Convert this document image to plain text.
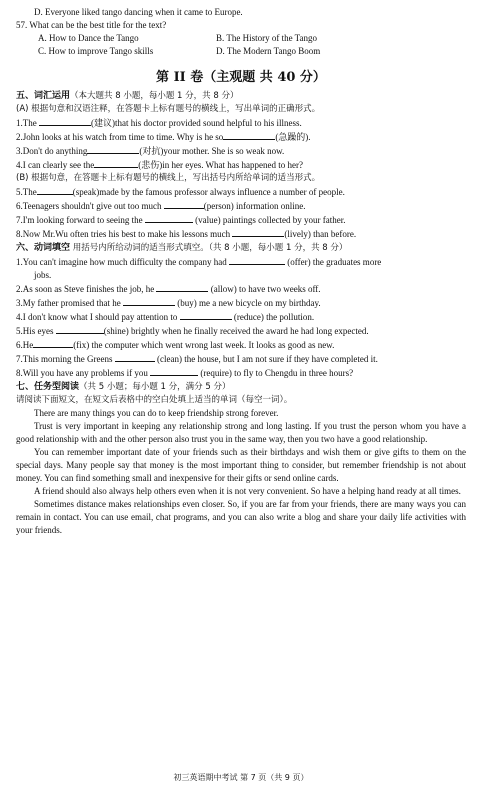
D. Everyone liked tango dancing when it came to Europe.
57. What can be the best title for the text?
A. How to Dance the Tango	B. The History of the Tango
C. How to improve Tango skills	D. The Modern Tango Boom
第 II 卷（主观题 共 40 分）
五、词汇运用（本大题共 8 小题，每小题 1 分，共 8 分）
(A) 根据句意和汉语注释，在答题卡上标有题号的横线上，写出单词的正确形式。
1.The	(建议)that his doctor provided sound helpful to his illness.
2.John looks at his watch from time to time. Why is he so	(急躁的).
3.Don't do anything	(对抗)your mother. She is so weak now.
4.I can clearly see the	(悲伤)in her eyes. What has happened to her?
(B) 根据句意，在答题卡上标有题号的横线上，写出括号内所给单词的适当形式。
5.The	(speak)made by the famous professor always influence a number of people.
6.Teenagers shouldn't give out too much	(person) information online.
7.I'm looking forward to seeing the	(value) paintings collected by your father.
8.Now Mr.Wu often tries his best to make his lessons much	(lively) than before.
六、动词填空 用括号内所给动词的适当形式填空。（共 8 小题，每小题 1 分，共 8 分）
1.You can't imagine how much difficulty the company had	(offer) the graduates more
jobs.
2.As soon as Steve finishes the job, he	(allow) to have two weeks off.
3.My father promised that he	(buy) me a new bicycle on my birthday.
4.I don't know what I should pay attention to	(reduce) the pollution.
5.His eyes	(shine) brightly when he finally received the award he had long expected.
6.He	(fix) the computer which went wrong last week. It looks as good as new.
7.This morning the Greens	(clean) the house, but I am not sure if they have completed it.
8.Will you have any problems if you	(require) to fly to Chengdu in three hours?
七、任务型阅读（共 5 小题；每小题 1 分，满分 5 分）
请阅读下面短文，在短文后表格中的空白处填上适当的单词（每空一词）。
There are many things you can do to keep friendship strong forever.
Trust is very important in keeping any relationship strong and long lasting. If you trust the person whom you have a good relationship with and the other person also trust you in the same way, then you two have a good relationship.
You can remember important date of your friends such as their birthdays and wish them or give gifts to them on the special days. Many people say that money is the most important thing to consider, but remember friendship is not about money. You can find something small and inexpensive for their gifts or send online cards.
A friend should also always help others even when it is not very convenient. So have a helping hand ready at all times.
Sometimes distance makes relationships even closer. So, if you are far from your friends, there are many ways you can remain in contact. You can use email, chat programs, and you can also write a blog and share your daily life activities with your friends.
初三英语期中考试 第 7 页（共 9 页）
